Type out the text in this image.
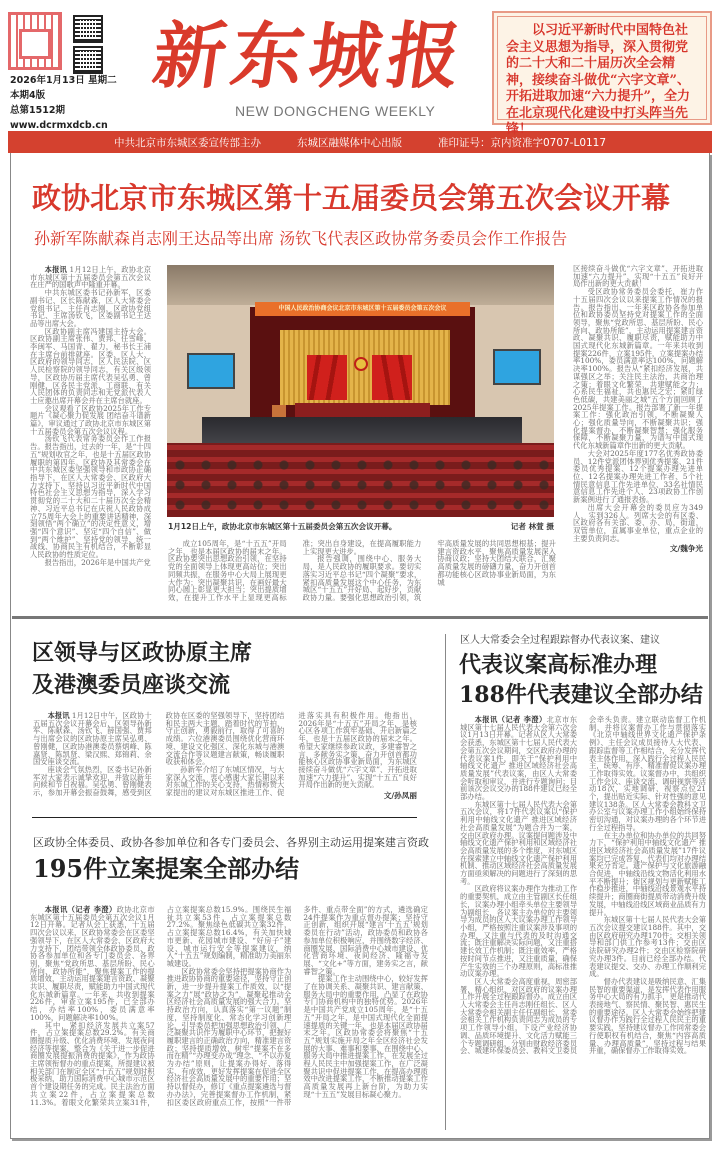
2026年1月13日 星期二
本期4版
总第1512期
www.dcrmxdcb.cn
新东城报
NEW DONGCHENG WEEKLY
以习近平新时代中国特色社会主义思想为指导，深入贯彻党的二十大和二十届历次全会精神，接续奋斗做优“六字文章”、开拓进取加速“六力提升”，全力在北京现代化建设中打头阵当先锋！
中共北京市东城区委宣传部主办	东城区融媒体中心出版	准印证号：京内资准字0707-L0117
政协北京市东城区第十五届委员会第五次会议开幕
孙新军陈献森肖志刚王达品等出席 汤钦飞代表区政协常务委员会作工作报告

本报讯 1月12日上午，政协北京市东城区第十五届委员会第五次会议在庄严的国歌声中隆重开幕。

中共东城区委书记孙新军，区委副书记、区长陈献森，区人大常委会党组书记、主任肖志刚，区政协党组书记、主席汤钦飞，区委副书记王达品等出席大会。

区政协副主席冯建国主持大会。区政协副主席张伟、贾邦、任雪峰、李闽军、马国青、翟力，秘书长王浦在主席台前排就座。区委、区人大、区政府的领导同志，区人民法院、区人民检察院的领导同志，有关区级领导，区政协历届主席代表吴弘勇、曾刚健，区各民主党派、工商联、有关人民团体的负责同志和无党派代表人士应邀出席开幕会并在主席台就座。

会议观看了区政协2025年工作专题片《凝心聚力促发展 团结奋斗谱新篇》，审议通过了政协北京市东城区第十五届委员会第五次会议议程。

汤钦飞代表常务委员会作工作报告。报告指出，过去的一年，是“十四五”规划收官之年，也是十五届区政协履职的第四年。区政协及其常委会在中共东城区委坚强领导和市政协正确指导下，在区人大常委会、区政府大力支持下，坚持以习近平新时代中国特色社会主义思想为指导，深入学习贯彻党的二十大和二十届历次全会精神、习近平总书记在庆祝人民政协成立75周年大会上的重要讲话精神，深刻领悟“两个确立”的决定性意义，增强“四个意识”、坚定“四个自信”、做到“两个维护”，坚持党的领导、统一战线、协商民主有机结合，不断彰显人民政协的性质定位。

报告指出，2026年是中国共产党

中国人民政治协商会议北京市东城区第十五届委员会第五次会议
1月12日上午，政协北京市东城区第十五届委员会第五次会议开幕。	记者 林萱 摄

成立105周年，是“十五五”开局之年，也是本届区政协的届末之年。区政协要突出思想政治引领，在坚持党的全面领导上体现更高站位；突出同频共振，在服务中心大局上展现更大作为；突出凝聚共识，在画好最大同心圆上彰显更大担当；突出提质增效，在提升工作水平上显现更高标准；突出自身建设，在提高履职能力上实现更大进步。

报告强调，围绕中心、服务大局，是人民政协的履职要求。要切实落实习近平总书记“四个凝聚”要求，紧扣高质量发展这个中心任务，为东城区“十五五”开好局、起好步，贡献政协力量。要强化思想政治引领，筑牢高质量发展的共同思想根基；提升建言资政水平，聚焦高质量发展深入协商议政；坚持大团结大联合，汇聚高质量发展的磅礴力量，奋力开创首都功能核心区政协事业新局面，为东城

区接续奋斗做优“六字文章”、开拓进取加速“六力提升”，实现“十五五”良好开局作出新的更大贡献！

受区政协常务委员会委托，崔力作十五届四次会议以来提案工作情况的报告。报告指出，一年来区政协各参加单位和政协委员坚持党对提案工作的全面领导，聚焦“党政所思、基层所盼、民心所向、政协所能”，主动运用提案建言资政、凝聚共识、履职尽责，赋能助力中国式现代化东城新篇章。一年来共收到提案226件，立案195件，立案提案办结率100%，委员满意率达100%，问题解决率100%。报告从“紧扣经济发展，共谋强区之举；关注民主法治，共商治理之策；着眼文化繁荣，共建赋能之力；心系民生福祉，共也惠民之宏；紧盯绿色低碳，共建美丽之城”五个方面回顾了2025年提案工作。报告部署了新一年提案工作：强化政治引领，不断凝聚人心；强化质量导向，不断凝聚共识；强化提案督办，不断凝聚智慧；强化服务保障，不断凝聚力量，为谱写中国式现代化东城新篇章作出新的更大贡献。

大会对2025年度177名优秀政协委员、12件党派团体界别优秀提案、21件委员优秀提案、12个提案办理先进单位、12名提案办理先进工作者、5个社情民意信息工作先进单位、33名社情民意信息工作先进个人、23项政协工作创新案例进行了通报表扬。

出席大会开幕会的委员应为349人，实到326人。列席大会的有区委、区政府各有关部、委、办、局，街道，双管单位，直属事业单位，重点企业的主要负责同志。

文/魏争光
区领导与区政协原主席
及港澳委员座谈交流

本报讯 1月12日中午，区政协十五届五次会议开幕会后，区领导孙新军、陈献森、汤钦飞、薛国强、贾邦与出席会议的区政协原主席吴弘勇、曾刚健，区政协港澳委员蔡炳峰、陈嘉贤、陈凯贤、梁汉熙、郑锦莉、余国安座谈交流。

座谈会气氛热烈，区委书记孙新军对大家表示诚挚欢迎，并致以新年问候和节日祝福。吴弘勇、曾刚健表示，参加开幕会振奋鼓舞，感受到区政协在区委的坚强领导下，坚持团结和民主两大主题，踏着时代的节拍，守正创新，勇毅前行，取得了可喜的成绩。六位港澳委员围绕优化营商环境、建设文化强区、深化东城与港澳交流合作等议题建言献策，畅谈履职收获和体会。

孙新军介绍了东城区情况，与大家深入交流，衷心感谢大家长期以来对东城工作的关心支持，热情称赞大家提出的建议对东城区推进工作、促进落实具有积极作用。他指出，2026年是“十五五”开局之年，是核心区各项工作筑牢基础、开启新篇之年，也是十五届区政协的届末之年。希望大家继续参政议政，多建睿智之言，多献务实之策，奋力开创首都功能核心区政协事业新局面，为东城区接续奋斗做优“六字文章”、开拓进取加速“六力提升”，实现“十五五”良好开局作出新的更大贡献。

文/孙凤丽
区政协全体委员、政协各参加单位和各专门委员会、各界别主动运用提案建言资政
195件立案提案全部办结

本报讯（记者 李澄）政协北京市东城区第十五届委员会第五次会议1月12日开幕。记者从会上获悉，十五届四次会议以来，区政协常委会在区委坚强领导下，在区人大常委会、区政府大力支持下，团结带领全体政协委员、政协各参加单位和各专门委员会、各界别，聚焦“党政所思、基层所盼、民心所向、政协所能”，聚焦提案工作的提质增效，主动运用提案建言资政、凝聚共识、履职尽责，赋能助力中国式现代化东城新篇章。一年来，共收到提案226件，审查立案195件，已全部办结，办结率100%，委员满意率100%，问题解决率100%。

其中，紧扣经济发展共立案57件，占立案提案总数29.2%。有关商圈提质升级、优化消费环境、发展夜间经济等提案，整合为《关于进一步促进商圈发展提振消费的提案》，作为政协主席领衔督办的重点提案，所提建议被相关部门在制定全区“十五五”规划时积极采纳，助力国际消费中心城市示范区首个建设期任务的完成。民主法治方面共立案22件，占立案提案总数11.3%。着眼文化繁荣共立案31件，占立案提案总数15.9%。围绕民生福祉共立案53件，占立案提案总数27.2%。聚焦绿色低碳共立案32件，占立案提案总数16.4%，有关加快城市更新、花园城市建设、“好房子”建设、城市运行安全等提案建议，纳入“十五五”规划编制，精准助力美丽东城建设。

区政协常委会坚持把提案协商作为推进政协协商的重要途径，坚持守正创新，进一步提升提案工作质效，以“提案之力”展“政协之为”，凝聚起推动全区经济社会高质量发展的强大合力。坚持政治方向，认真落实“第一议题”制度，坚持制度化、常态化学习创新理论，引导委员把加强思想政治引领、广泛凝聚共识作为履职中心环节，把握好履职建言的正确政治方向，精准建言资政；坚持提质增效，树牢“提案不在多而在精”“办理变办成”理念、“不以办复为办结”原则，让提案办得好、落得实、有成效，更好发挥提案在促进全区经济社会高质量发展中的重要作用；坚持以督促办，修订《重点提案遴选与督办办法》，完善提案督办工作机制，紧扣区委区政府重点工作，按照“一件带多件、重点带全面”的方式，遴选确定24件提案作为重点督办提案；坚持守正创新，组织开展“建言‘十五五’规划委员在行动”活动，政协委员和政协各参加单位积极响应，并围绕数字经济、商圈发展、国际消费中心城市建设、优化营商环境、夜间经济、隆福寺发展、“文化+”等方面，建务实之言，献睿智之策。

提案工作主动围绕中心，较好发挥了在协调关系、凝聚共识、建言献策、服务大局中的重要作用，凸显了在政协专门协商机构中的独特优势。2026年是中国共产党成立105周年，是“十五五”开局之年，是中国式现代化全面提速提质的关键一年，也是本届区政协届末之年。区政协常委会将聚焦“十五五”规划实施开局之年全区经济社会发展的大事、难事和要事，在围绕中心、服务大局中推进提案工作，在发展全过程人民民主中加强提案工作，在广泛凝聚共识中促进提案工作，在提高办理质效中改进提案工作，不断推动提案工作高质量发展再上新台阶，为助力实现“十五五”发展目标凝心聚力。

区人大常委会全过程跟踪督办代表议案、建议
代表议案高标准办理
188件代表建议全部办结

本报讯（记者 李澄）北京市东城区第十七届人民代表大会第六次会议1月13日开幕。记者从区人大常委会获悉，东城区第十七届人民代表大会第五次会议期间，交区政府办理的代表议案1件，即关于“保护利用中轴线文化遗产 推进区域经济社会高质量发展”代表议案，由区人大常委会听取和审议，并进行专题询问；目前该次会议交办的188件建议已经全部办结。

东城区第十七届人民代表大会第五次会议，将17件代表议案以“保护利用中轴线文化遗产 推进区域经济社会高质量发展”为题合并为一案，交由区政府办理。议案提问题涉及中轴线文化遗产保护利用和区域经济社会高质量发展的多个维度，对东城区在探索建立中轴线文化遗产保护利用机制、推动区域经济社会高质量发展方面亟须解决的问题进行了深刻的思考。

区政府将议案办理作为推动工作的重要契机，成立由主管副区长任组长，议案办理小组牵头单位主要领导为副组长，各议案主办单位的主要领导为成员的区人大议案办理工作领导小组，严格按照注重议案涉及事项的办理，又注重与代表的及时沟通交流；既注重解决实际问题，又注重搭建长效工作机制；既注重效率，严格按时间节点推进，又注重质量，确保产生实效的三个办理原则，高标准推动议案办理。

区人大常委会高度重视，周密部署，精心组织，对区政府的议案办理工作开展全过程跟踪督办。成立由区人大常委会主任肖志刚任组长、区人大常委会相关副主任任副组长，常委会相关工作机构负责同志为成员的专项工作领导小组，下设产业经济协调、品质环境提升、文化活力赋能三个专题调研组，分别由财政经济委员会、城建环保委员会、教科文卫委员会牵头负责。建立联动监督工作机制，并将议案督办工作与贯彻落实《北京中轴线世界文化遗产保护条例》、主任会议成员接待人大代表、跟踪监督等工作相结合，充分发挥代表主体作用，深入践行全过程人民民主，统筹、有序、精准督促议案办理工作取得实效。议案督办中，共组织工作会议、座谈交流、调研视察等活动18次，实地调研、视察点位21个，提出贴近实际、针对性强的意见建议138条。区人大常委会教科文卫办公室与议案办理工作小组始终保持密切沟通，对议案办理的各个环节进行全过程指导。

在主办单位和协办单位的共同努力下，“保护利用中轴线文化遗产 推进区域经济社会高质量发展”17件议案均已完成答复，代表们均对办理结果充分肯定。遗产保护与文化旅游融合促进，中轴线沿线文物活化利用水平不断提升；街区规划与更新赋能工作稳步推进，中轴线沿线景观水平持续提升；商圈商街提质带动消费升级发展，中轴线沿线区域商业品质有力提升。

东城区第十七届人民代表大会第五次会议提交建议188件。其中，交由区政府研究办理170件；交相关领导和部门供工作参考13件；交由区法院研究办理2件；交由区检察院研究办理3件。目前已经全部办结。代表建议提交、交办、办理工作顺利完成。

督办代表建议是吸纳民意、汇集民智的重要渠道，是发挥代表作用服务中心大局的有力抓手，更是推动代表接地气、察民情、聚民智、惠民生的重要途径。区人大常委会始终把建议督办作为践行全过程人民民主的重要实践，坚持建议督办工作同常委会行使职权有机结合，聚焦“内容高质量、办理高质量”，坚持过程与结果并重，确保督办工作取得实效。
